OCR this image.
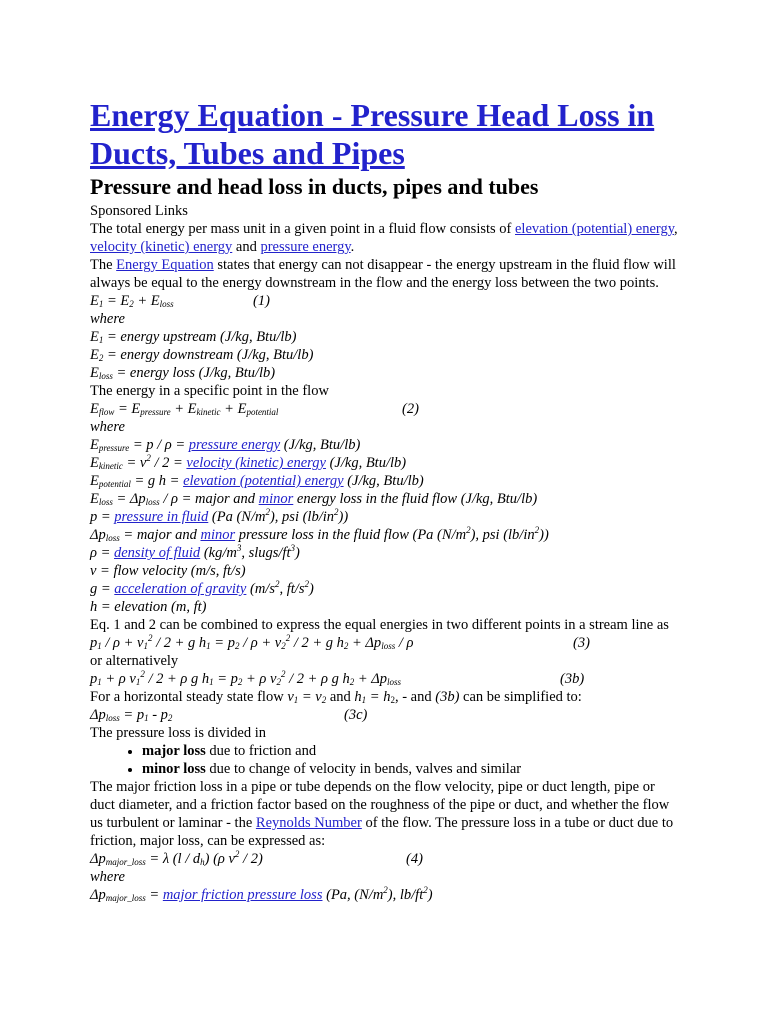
Energy Equation - Pressure Head Loss in Ducts, Tubes and Pipes
Pressure and head loss in ducts, pipes and tubes
Sponsored Links
The total energy per mass unit in a given point in a fluid flow consists of elevation (potential) energy, velocity (kinetic) energy and pressure energy.
The Energy Equation states that energy can not disappear - the energy upstream in the fluid flow will always be equal to the energy downstream in the flow and the energy loss between the two points.
$E_1 = E_2 + E_{loss}$	(1)
where
$E_1$ = energy upstream (J/kg, Btu/lb)
$E_2$ = energy downstream (J/kg, Btu/lb)
$E_{loss}$ = energy loss (J/kg, Btu/lb)
The energy in a specific point in the flow
$E_{flow} = E_{pressure} + E_{kinetic} + E_{potential}$	(2)
where
$E_{pressure} = p / \rho$ = pressure energy (J/kg, Btu/lb)
$E_{kinetic} = v^2 / 2$ = velocity (kinetic) energy (J/kg, Btu/lb)
$E_{potential} = g$ h = elevation (potential) energy (J/kg, Btu/lb)
$E_{loss} = \Delta p_{loss} / \rho$ = major and minor energy loss in the fluid flow (J/kg, Btu/lb)
p = pressure in fluid (Pa $(N/m^2)$, psi $(lb/in^2)$)
$\Delta p_{loss}$ = major and minor pressure loss in the fluid flow (Pa $(N/m^2)$, psi $(lb/in^2)$)
ρ = density of fluid ($kg/m^3$, slugs/$ft^3$)
v = flow velocity (m/s, ft/s)
g = acceleration of gravity ($m/s^2$, $ft/s^2$)
h = elevation (m, ft)
Eq. 1 and 2 can be combined to express the equal energies in two different points in a stream line as
$p_1 / \rho + v_1^2 / 2 + g$ $h_1 = p_2 / \rho + v_2^2 / 2 + g$ $h_2 + \Delta p_{loss} / \rho$	(3)
or alternatively
$p_1 + \rho$ $v_1^2 / 2 + \rho$ g $h_1 = p_2 + \rho$ $v_2^2 / 2 + \rho$ g $h_2 + \Delta p_{loss}$	(3b)
For a horizontal steady state flow $v_1 = v_2$ and $h_1 = h_2$, - and (3b) can be simplified to:
$\Delta p_{loss} = p_1 - p_2$	(3c)
The pressure loss is divided in
• major loss due to friction and
• minor loss due to change of velocity in bends, valves and similar
The major friction loss in a pipe or tube depends on the flow velocity, pipe or duct length, pipe or duct diameter, and a friction factor based on the roughness of the pipe or duct, and whether the flow us turbulent or laminar - the Reynolds Number of the flow. The pressure loss in a tube or duct due to friction, major loss, can be expressed as:
$\Delta p_{major\_loss} = \lambda$ $(l / d_h)$ (ρ $v^2 / 2$)	(4)
where
$\Delta p_{major\_loss}$ = major friction pressure loss (Pa, $(N/m^2)$, $lb/ft^2$)
